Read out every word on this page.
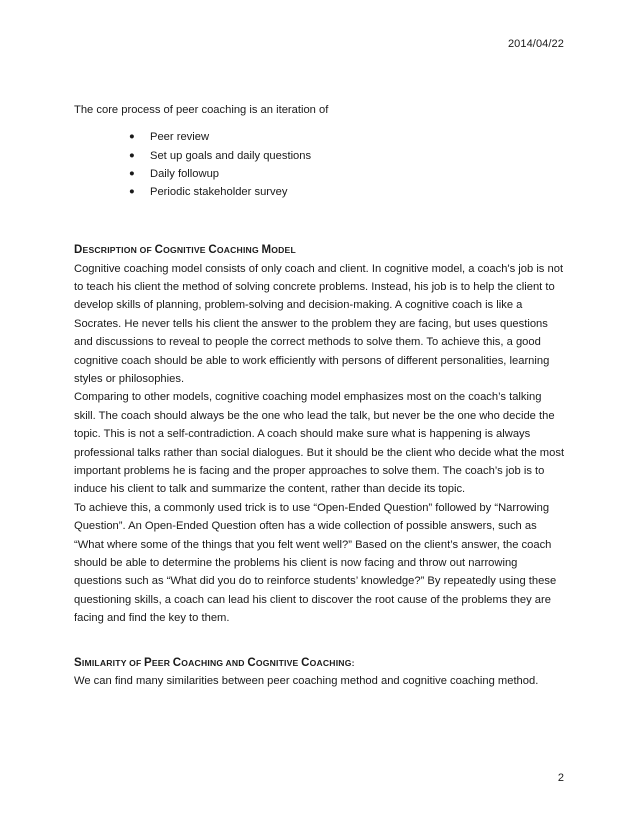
2014/04/22

The core process of peer coaching is an iteration of

● Peer review
● Set up goals and daily questions
● Daily followup
● Periodic stakeholder survey
DESCRIPTION OF COGNITIVE COACHING MODEL

Cognitive coaching model consists of only coach and client. In cognitive model, a coach's job is not to teach his client the method of solving concrete problems. Instead, his job is to help the client to develop skills of planning, problem-solving and decision-making. A cognitive coach is like a Socrates. He never tells his client the answer to the problem they are facing, but uses questions and discussions to reveal to people the correct methods to solve them. To achieve this, a good cognitive coach should be able to work efficiently with persons of different personalities, learning styles or philosophies.

Comparing to other models, cognitive coaching model emphasizes most on the coach’s talking skill. The coach should always be the one who lead the talk, but never be the one who decide the topic. This is not a self-contradiction. A coach should make sure what is happening is always professional talks rather than social dialogues. But it should be the client who decide what the most important problems he is facing and the proper approaches to solve them. The coach’s job is to induce his client to talk and summarize the content, rather than decide its topic.

To achieve this, a commonly used trick is to use “Open-Ended Question” followed by “Narrowing Question”. An Open-Ended Question often has a wide collection of possible answers, such as “What where some of the things that you felt went well?” Based on the client’s answer, the coach should be able to determine the problems his client is now facing and throw out narrowing questions such as “What did you do to reinforce students’ knowledge?” By repeatedly using these questioning skills, a coach can lead his client to discover the root cause of the problems they are facing and find the key to them.

SIMILARITY OF PEER COACHING AND COGNITIVE COACHING:

We can find many similarities between peer coaching method and cognitive coaching method.

2
